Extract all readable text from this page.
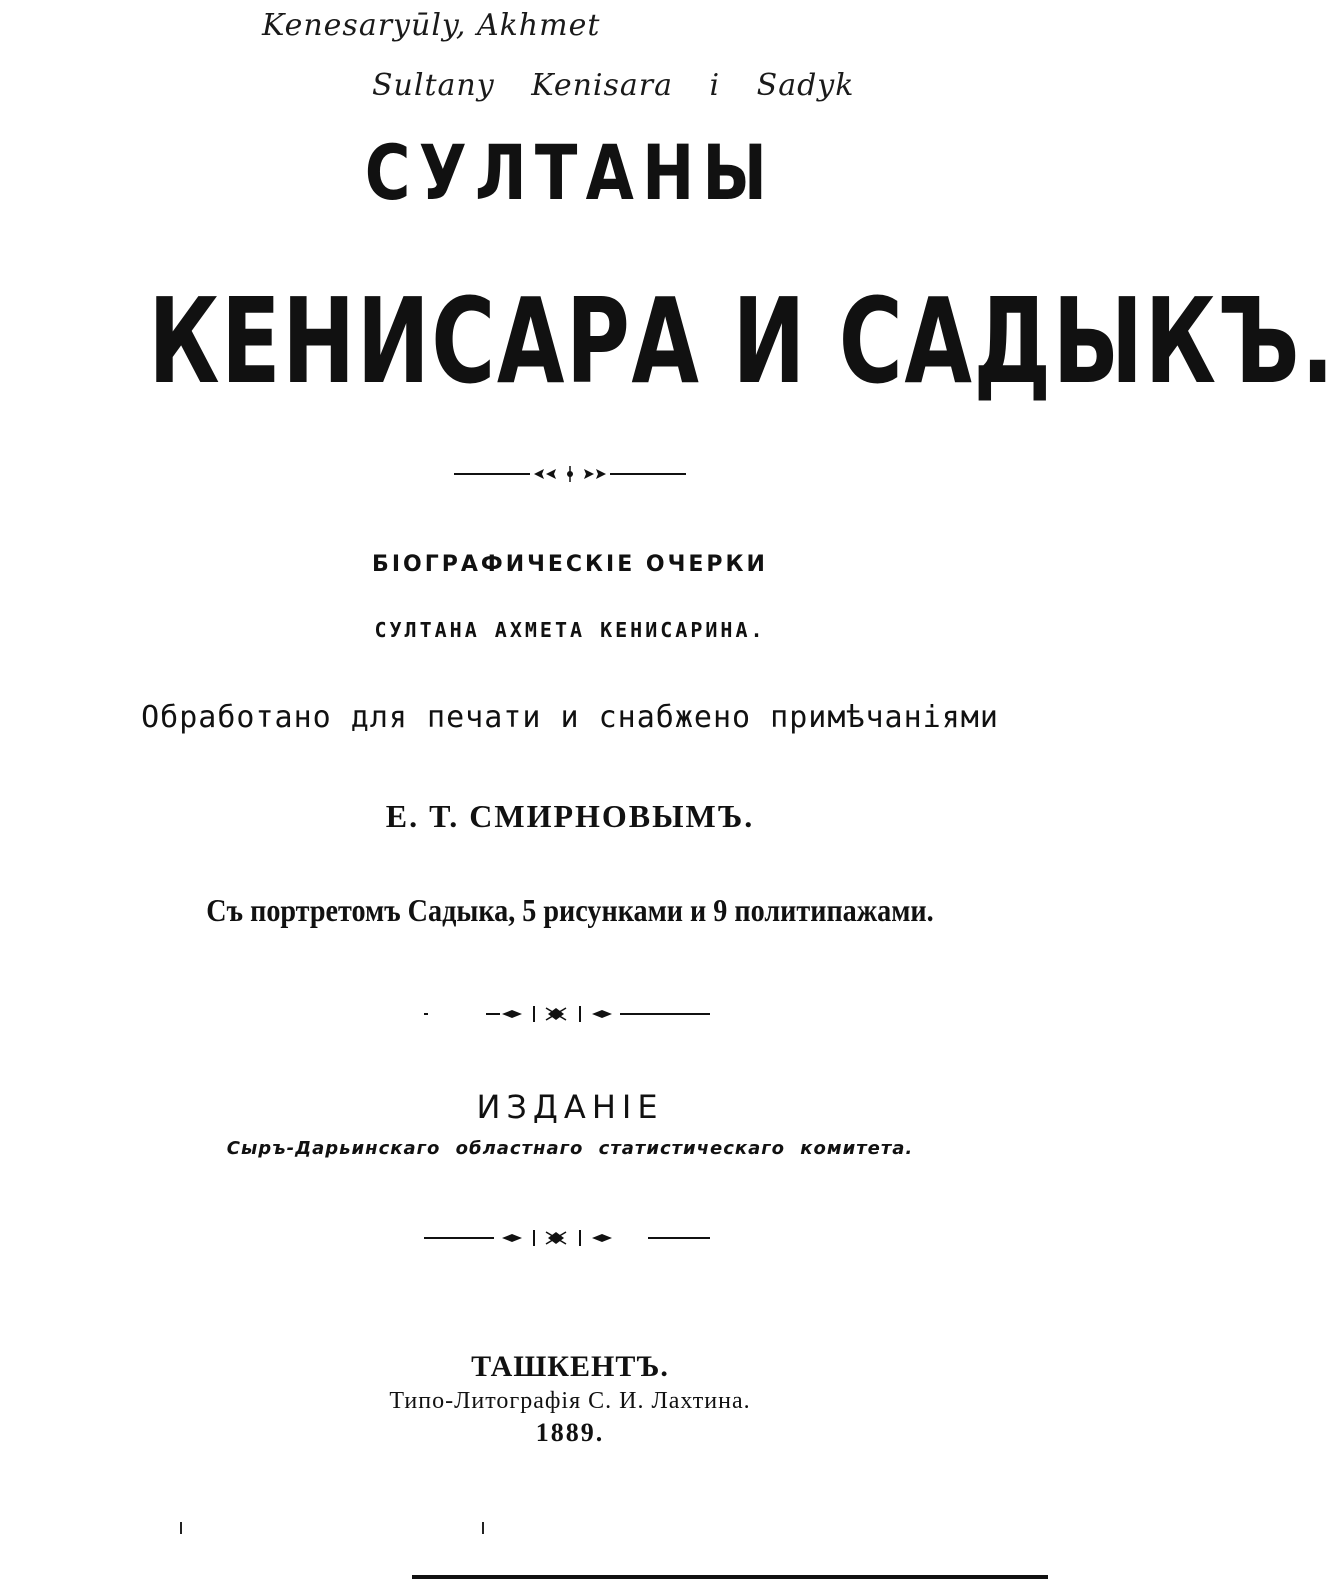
Kenesaryūly, Akhmet
Sultany Kenisara i Sadyk
СУЛТАНЫ
КЕНИСАРА И САДЫКЪ.
БIОГРАФИЧЕСКIЕ ОЧЕРКИ
СУЛТАНА АХМЕТА КЕНИСАРИНА.
Обработано для печати и снабжено примѣчанiями
Е. Т. СМИРНОВЫМЪ.
Съ портретомъ Садыка, 5 рисунками и 9 политипажами.
ИЗДАНIЕ
Сыръ-Дарьинскаго областнаго статистическаго комитета.
ТАШКЕНТЪ.
Типо-Литографiя С. И. Лахтина.
1889.
